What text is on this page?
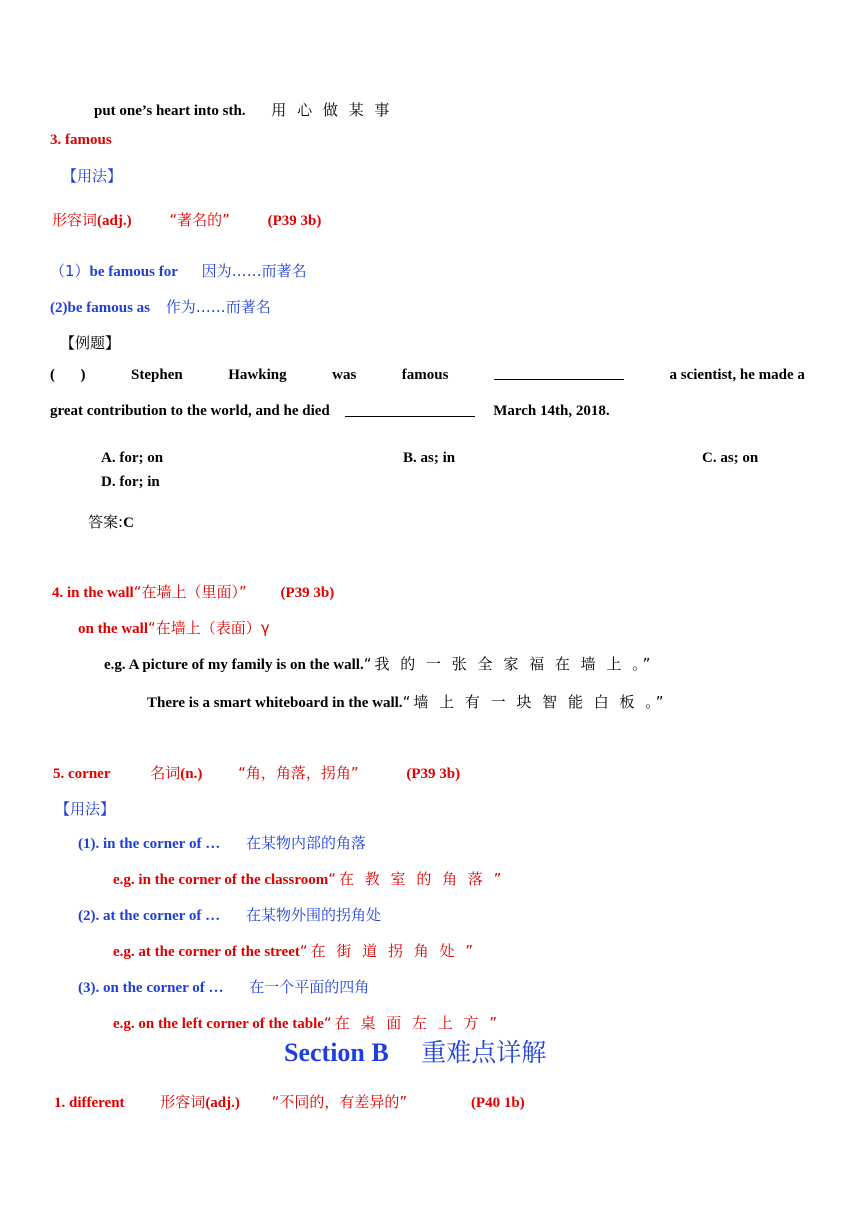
put one’s heart into sth. 用 心 做 某 事
3. famous
【用法】
形容词(adj.)	“著名的”	(P39 3b)
（1）be famous for 因为……而著名
(2)be famous as 作为……而著名
【例题】
( )	Stephen	Hawking	was	famous	a scientist, he made a
great contribution to the world, and he died	March 14th, 2018.
A. for; on	B. as; in	C. as; on
D. for; in
答案:C
4. in the wall“在墙上（里面）” (P39 3b)
on the wall“在墙上（表面）γ
e.g. A picture of my family is on the wall.“我 的 一 张 全 家 福 在 墙 上 。”
There is a smart whiteboard in the wall.“墙 上 有 一 块 智 能 白 板 。”
5. corner	名词(n.) “角，角落，拐角”	(P39 3b)
【用法】
(1). in the corner of … 在某物内部的角落
e.g. in the corner of the classroom“在 教 室 的 角 落 ”
(2). at the corner of … 在某物外围的拐角处
e.g. at the corner of the street“在 街 道 拐 角 处 ”
(3). on the corner of … 在一个平面的四角
e.g. on the left corner of the table“在 桌 面 左 上 方 ”
Section B 重难点详解
1. different 形容词(adj.) “不同的，有差异的”	(P40 1b)
